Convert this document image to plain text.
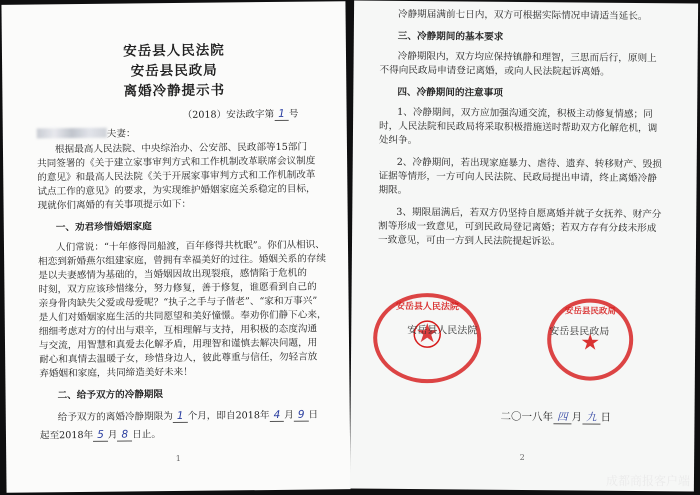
安岳县人民法院
安岳县民政局
离婚冷静提示书
（2018）安法政字第 1 号
夫妻：
根据最高人民法院、中央综治办、公安部、民政部等15部门
共同签署的《关于建立家事审判方式和工作机制改革联席会议制度
的意见》和最高人民法院《关于开展家事审判方式和工作机制改革
试点工作的意见》的要求，为实现维护婚姻家庭关系稳定的目标，
现就你们离婚的有关事项提示如下：
一、劝君珍惜婚姻家庭
人们常说：“十年修得同船渡，百年修得共枕眠”。你们从相识、
相恋到新婚燕尔组建家庭，曾拥有幸福美好的过往。婚姻关系的存续
是以夫妻感情为基础的，当婚姻因故出现裂痕，感情陷于危机的
时刻，双方应该珍惜缘分，努力修复，善于修复，谁愿看到自己的
亲身骨肉缺失父爱或母爱呢？“执子之手与子偕老”、“家和万事兴”
是人们对婚姻家庭生活的共同愿望和美好憧憬。奉劝你们静下心来，
细细考虑对方的付出与艰辛，互相理解与支持，用积极的态度沟通
与交流，用智慧和真爱去化解矛盾，用理智和谨慎去解决问题，用
耐心和真情去温暖子女，珍惜身边人，彼此尊重与信任，勿轻言放
弃婚姻和家庭，共同缔造美好未来！
二、给予双方的冷静期限
给予双方的离婚冷静期限为 1 个月，即自2018年 4 月 9 日
起至2018年 5 月 8 日止。
1
冷静期届满前七日内，双方可根据实际情况申请适当延长。
三、冷静期间的基本要求
冷静期限内，双方均应保持镇静和理智，三思而后行，原则上
不得向民政局申请登记离婚，或向人民法院起诉离婚。
四、冷静期间的注意事项
1、冷静期间，双方应加强沟通交流，积极主动修复情感；同
时，人民法院和民政局将采取积极措施送时帮助双方化解危机，调
处纠争。
2、冷静期间，若出现家庭暴力、虐待、遗弃、转移财产、毁损
证据等情形，一方可向人民法院、民政局提出申请，终止离婚冷静
期限。
3、期限届满后，若双方仍坚持自愿离婚并就子女抚养、财产分
割等形成一致意见，可到民政局登记离婚；若双方存有分歧未形成
一致意见，可由一方到人民法院提起诉讼。
安岳县人民法院
安岳县人民法院
安岳县民政局
★
安岳县民政局
二〇一八年 四 月 九 日
2
成都商报客户端
